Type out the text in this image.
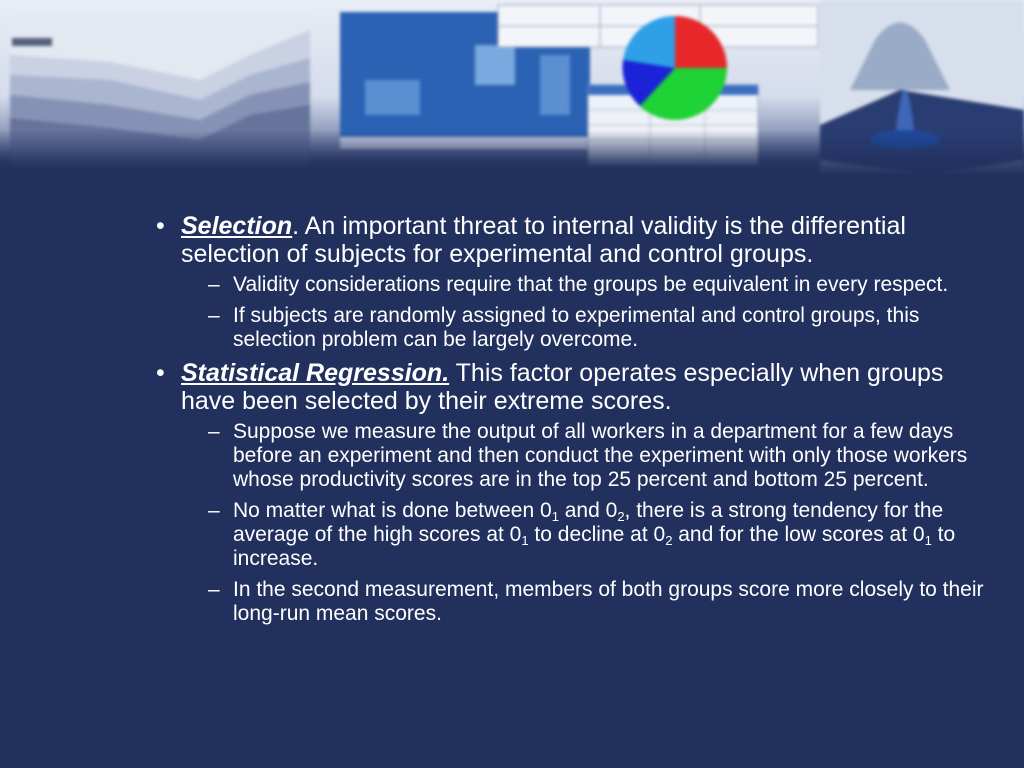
• Selection. An important threat to internal validity is the differential selection of subjects for experimental and control groups.
– Validity considerations require that the groups be equivalent in every respect.
– If subjects are randomly assigned to experimental and control groups, this selection problem can be largely overcome.
• Statistical Regression. This factor operates especially when groups have been selected by their extreme scores.
– Suppose we measure the output of all workers in a department for a few days before an experiment and then conduct the experiment with only those workers whose productivity scores are in the top 25 percent and bottom 25 percent.
– No matter what is done between $0_1$ and $0_2$, there is a strong tendency for the average of the high scores at $0_1$ to decline at $0_2$ and for the low scores at $0_1$ to increase.
– In the second measurement, members of both groups score more closely to their long-run mean scores.
